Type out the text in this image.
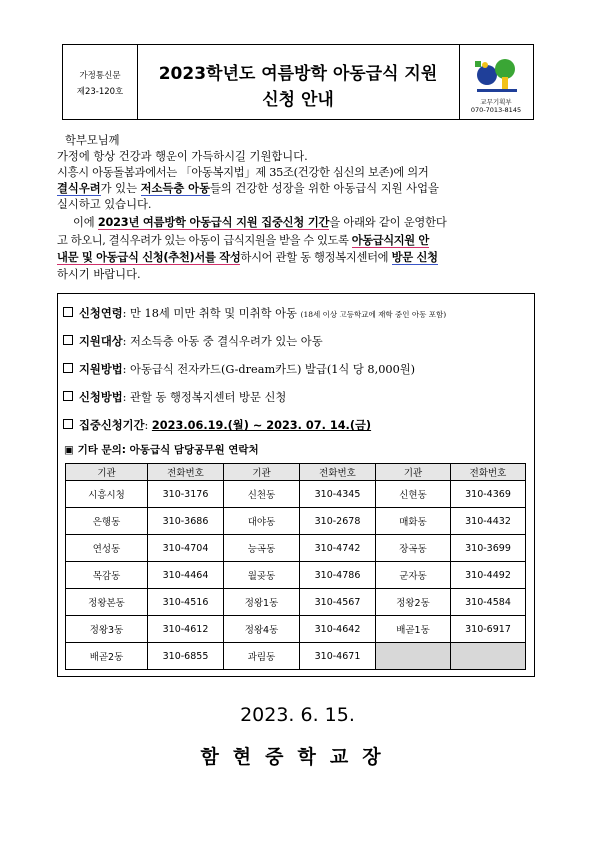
가정통신문
제23-120호
2023학년도 여름방학 아동급식 지원
신청 안내	교무기획부
070-7013-8145
학부모님께
가정에 항상 건강과 행운이 가득하시길 기원합니다.
시흥시 아동돌봄과에서는 「아동복지법」제 35조(건강한 심신의 보존)에 의거
결식우려가 있는 저소득층 아동들의 건강한 성장을 위한 아동급식 지원 사업을
실시하고 있습니다.
이에 2023년 여름방학 아동급식 지원 집중신청 기간을 아래와 같이 운영한다
고 하오니, 결식우려가 있는 아동이 급식지원을 받을 수 있도록 아동급식지원 안
내문 및 아동급식 신청(추천)서를 작성하시어 관할 동 행정복지센터에 방문 신청
하시기 바랍니다.
신청연령: 만 18세 미만 취학 및 미취학 아동 (18세 이상 고등학교에 재학 중인 아동 포함)
지원대상: 저소득층 아동 중 결식우려가 있는 아동
지원방법: 아동급식 전자카드(G-dream카드) 발급(1식 당 8,000원)
신청방법: 관할 동 행정복지센터 방문 신청
집중신청기간: 2023.06.19.(월) ~ 2023. 07. 14.(금)
▣ 기타 문의: 아동급식 담당공무원 연락처
기관	전화번호	기관	전화번호	기관	전화번호
시흥시청	310-3176	신천동	310-4345	신현동	310-4369
은행동	310-3686	대야동	310-2678	매화동	310-4432
연성동	310-4704	능곡동	310-4742	장곡동	310-3699
목감동	310-4464	월곶동	310-4786	군자동	310-4492
정왕본동	310-4516	정왕1동	310-4567	정왕2동	310-4584
정왕3동	310-4612	정왕4동	310-4642	배곧1동	310-6917
배곧2동	310-6855	과림동	310-4671		
2023. 6. 15.
함현중학교장
